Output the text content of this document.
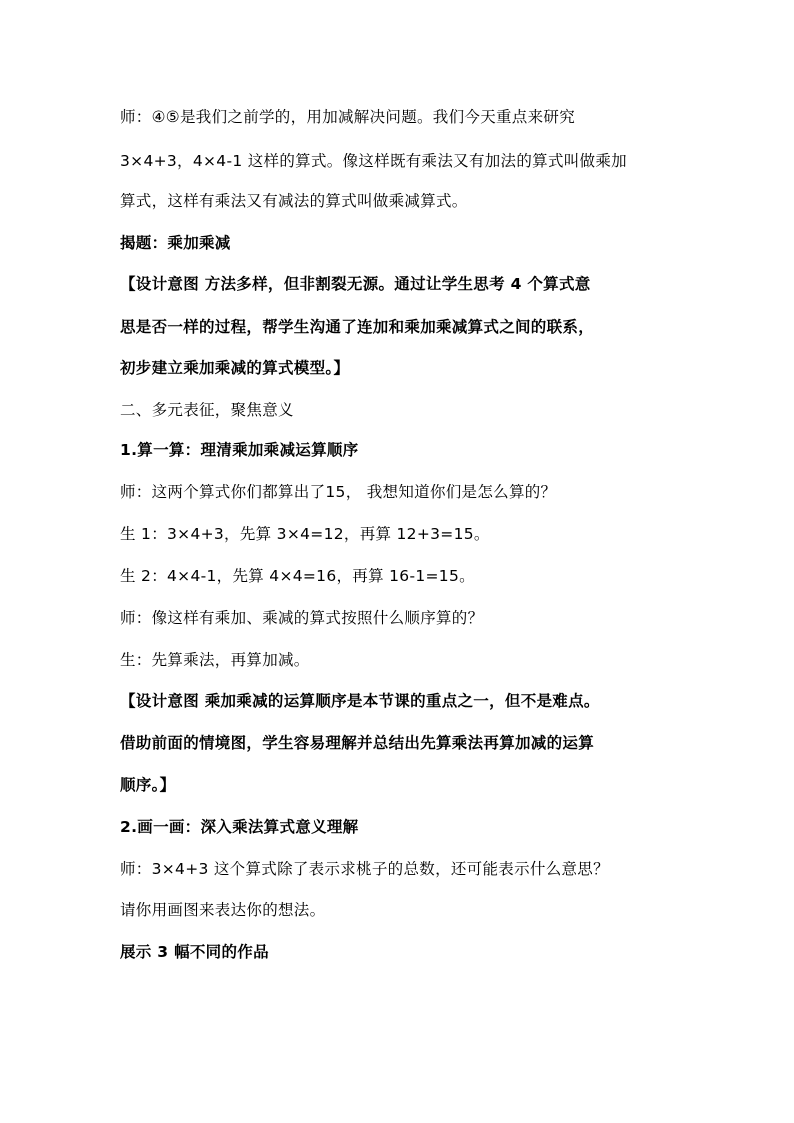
师：④⑤是我们之前学的，用加减解决问题。我们今天重点来研究
3×4+3，4×4-1 这样的算式。像这样既有乘法又有加法的算式叫做乘加
算式，这样有乘法又有减法的算式叫做乘减算式。
揭题：乘加乘减
【设计意图 方法多样，但非割裂无源。通过让学生思考 4 个算式意
思是否一样的过程，帮学生沟通了连加和乘加乘减算式之间的联系，
初步建立乘加乘减的算式模型。】
二、多元表征，聚焦意义
1.算一算：理清乘加乘减运算顺序
师：这两个算式你们都算出了15， 我想知道你们是怎么算的？
生 1：3×4+3，先算 3×4=12，再算 12+3=15。
生 2：4×4-1，先算 4×4=16，再算 16-1=15。
师：像这样有乘加、乘减的算式按照什么顺序算的？
生：先算乘法，再算加减。
【设计意图 乘加乘减的运算顺序是本节课的重点之一，但不是难点。
借助前面的情境图，学生容易理解并总结出先算乘法再算加减的运算
顺序。】
2.画一画：深入乘法算式意义理解
师：3×4+3 这个算式除了表示求桃子的总数，还可能表示什么意思？
请你用画图来表达你的想法。
展示 3 幅不同的作品
